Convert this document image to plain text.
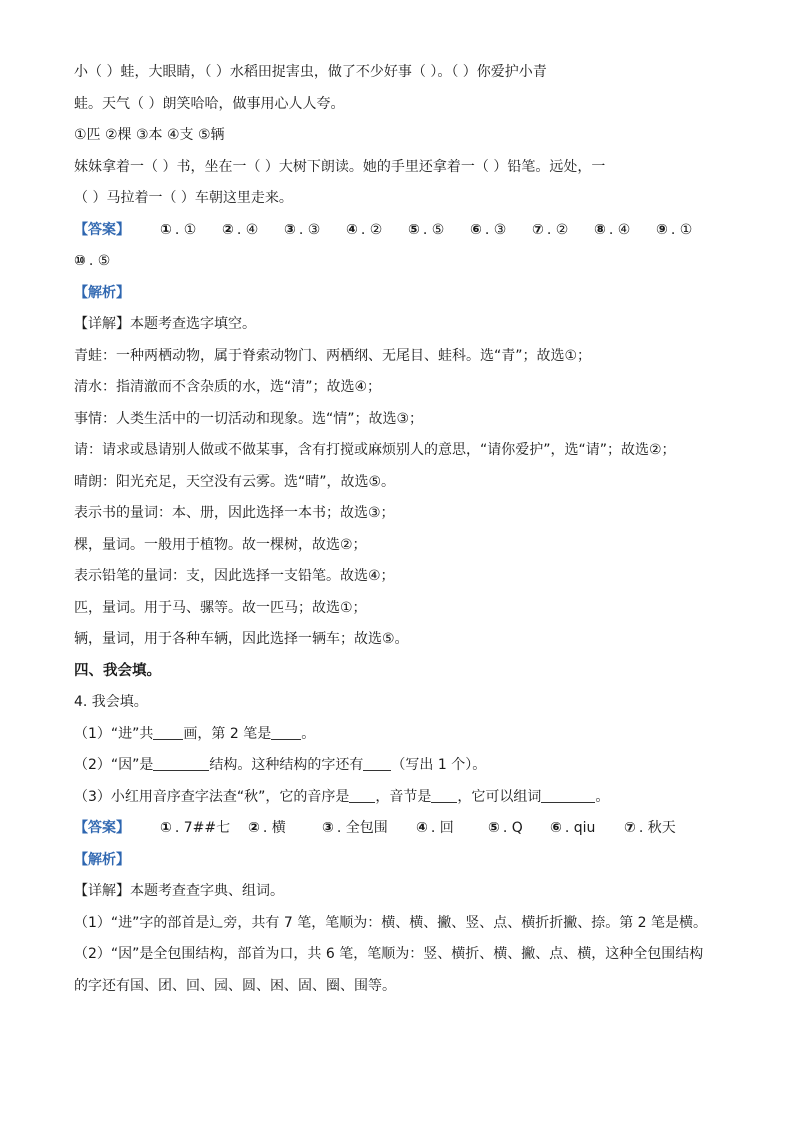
小（ ）蛙，大眼睛，（ ）水稻田捉害虫，做了不少好事（ ）。（ ）你爱护小青
蛙。天气（ ）朗笑哈哈，做事用心人人夸。
①匹 ②棵 ③本 ④支 ⑤辆
妹妹拿着一（ ）书，坐在一（ ）大树下朗读。她的手里还拿着一（ ）铅笔。远处，一
（ ）马拉着一（ ）车朝这里走来。
【答案】	① . ① ② . ④ ③ . ③ ④ . ② ⑤ . ⑤ ⑥ . ③ ⑦ . ② ⑧ . ④ ⑨ . ①
⑩ . ⑤
【解析】
【详解】本题考查选字填空。
青蛙：一种两栖动物，属于脊索动物门、两栖纲、无尾目、蛙科。选“青”；故选①；
清水：指清澈而不含杂质的水，选“清”；故选④；
事情：人类生活中的一切活动和现象。选“情”；故选③；
请：请求或恳请别人做或不做某事，含有打搅或麻烦别人的意思，“请你爱护”，选“请”；故选②；
晴朗：阳光充足，天空没有云雾。选“晴”，故选⑤。
表示书的量词：本、册，因此选择一本书；故选③；
棵，量词。一般用于植物。故一棵树，故选②；
表示铅笔的量词：支，因此选择一支铅笔。故选④；
匹，量词。用于马、骡等。故一匹马；故选①；
辆，量词，用于各种车辆，因此选择一辆车；故选⑤。
四、我会填。
4. 我会填。
（1）“进”共 画，第 2 笔是 。
（2）“因”是	结构。这种结构的字还有 （写出 1 个）。
（3）小红用音序查字法查“秋”，它的音序是 ，音节是 ，它可以组词	。
【答案】	① . 7##七 ② . 横	③ . 全包围 ④ . 回 ⑤ . Q ⑥ . qiu ⑦ . 秋天
【解析】
【详解】本题考查查字典、组词。
（1）“进”字的部首是辶旁，共有 7 笔，笔顺为：横、横、撇、竖、点、横折折撇、捺。第 2 笔是横。
（2）“因”是全包围结构，部首为口，共 6 笔，笔顺为：竖、横折、横、撇、点、横，这种全包围结构
的字还有国、团、回、园、圆、困、固、圈、围等。
